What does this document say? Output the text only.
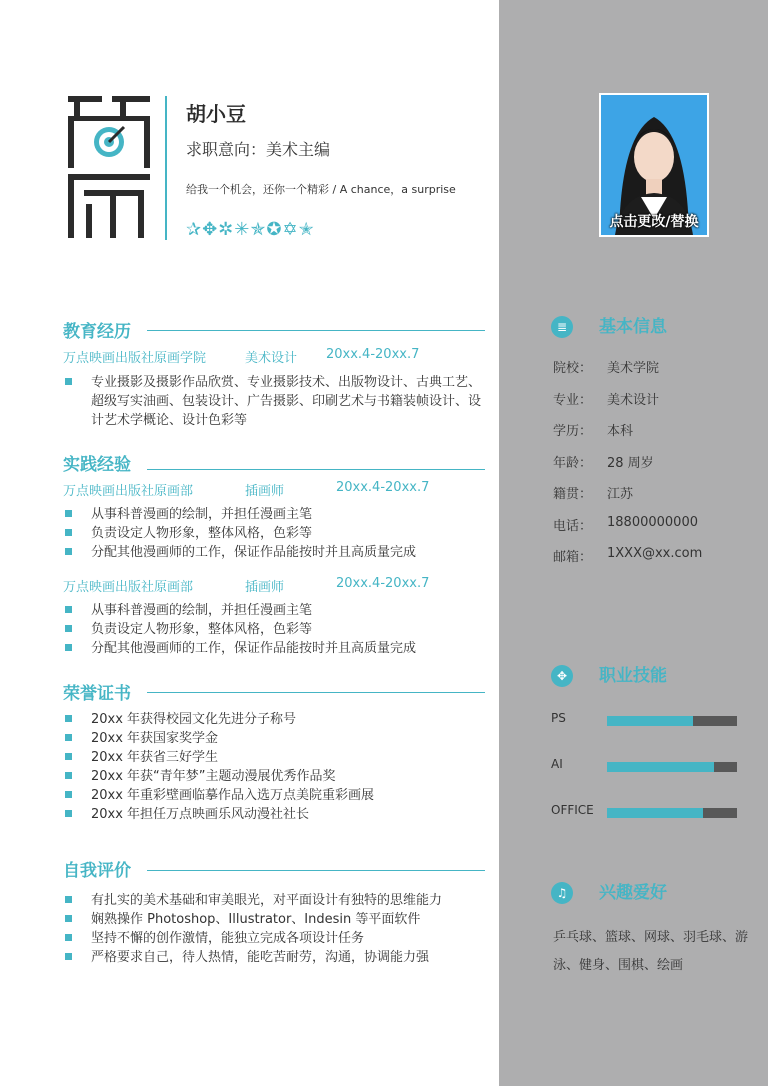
胡小豆
求职意向：美术主编
给我一个机会，还你一个精彩 / A chance，a surprise
✰✥✲✳✯✪✡✭	点击更改/替换
教育经历
万点映画出版社原画学院	美术设计 20xx.4-20xx.7
专业摄影及摄影作品欣赏、专业摄影技术、出版物设计、古典工艺、超级写实油画、包装设计、广告摄影、印刷艺术与书籍装帧设计、设计艺术学概论、设计色彩等
实践经验
万点映画出版社原画部	插画师	20xx.4-20xx.7
从事科普漫画的绘制，并担任漫画主笔
负责设定人物形象，整体风格，色彩等
分配其他漫画师的工作，保证作品能按时并且高质量完成
万点映画出版社原画部	插画师	20xx.4-20xx.7
从事科普漫画的绘制，并担任漫画主笔
负责设定人物形象，整体风格，色彩等
分配其他漫画师的工作，保证作品能按时并且高质量完成
荣誉证书
20xx 年获得校园文化先进分子称号
20xx 年获国家奖学金
20xx 年获省三好学生
20xx 年获“青年梦”主题动漫展优秀作品奖
20xx 年重彩壁画临摹作品入选万点美院重彩画展
20xx 年担任万点映画乐风动漫社社长
自我评价
有扎实的美术基础和审美眼光，对平面设计有独特的思维能力
娴熟操作 Photoshop、Illustrator、Indesin 等平面软件
坚持不懈的创作激情，能独立完成各项设计任务
严格要求自己，待人热情，能吃苦耐劳，沟通，协调能力强
≣	基本信息
院校： 美术学院
专业： 美术设计
学历： 本科
年龄： 28 周岁
籍贯： 江苏
电话： 18800000000
邮箱： 1XXX@xx.com
✥	职业技能
PS
AI
OFFICE
♫	兴趣爱好
乒乓球、篮球、网球、羽毛球、游泳、健身、围棋、绘画
